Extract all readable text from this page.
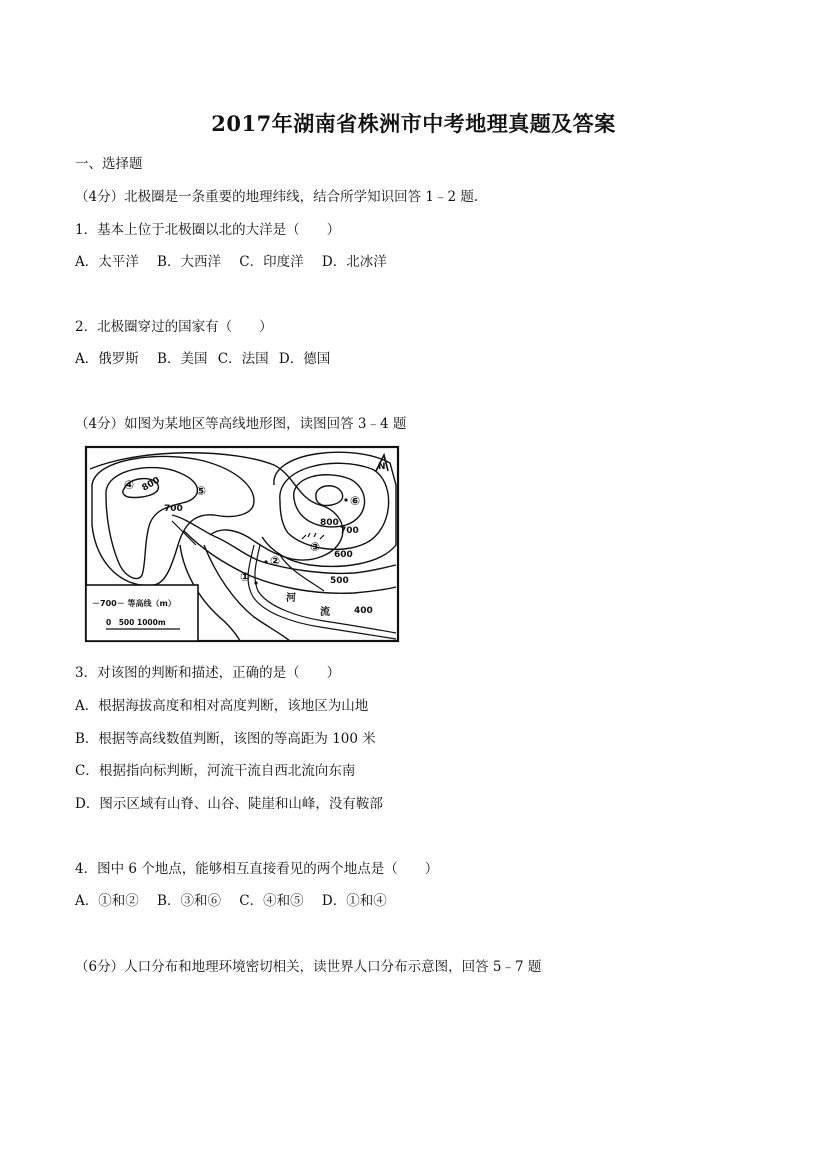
2017年湖南省株洲市中考地理真题及答案
一、选择题
（4分）北极圈是一条重要的地理纬线，结合所学知识回答 1﹣2 题.
1．基本上位于北极圈以北的大洋是（　　）
A．太平洋 B．大西洋 C．印度洋 D．北冰洋
2．北极圈穿过的国家有（　　）
A．俄罗斯 B．美国 C．法国 D．德国
（4分）如图为某地区等高线地形图，读图回答 3﹣4 题
N
800
700
800
700
600
500
400
①
②
③
④	⑤
⑥
河
流
－700－ 等高线（m）
0　500 1000m
3．对该图的判断和描述，正确的是（　　）
A．根据海拔高度和相对高度判断，该地区为山地
B．根据等高线数值判断，该图的等高距为 100 米
C．根据指向标判断，河流干流自西北流向东南
D．图示区域有山脊、山谷、陡崖和山峰，没有鞍部
4．图中 6 个地点，能够相互直接看见的两个地点是（　　）
A．①和② B．③和⑥ C．④和⑤ D．①和④
（6分）人口分布和地理环境密切相关，读世界人口分布示意图，回答 5﹣7 题
